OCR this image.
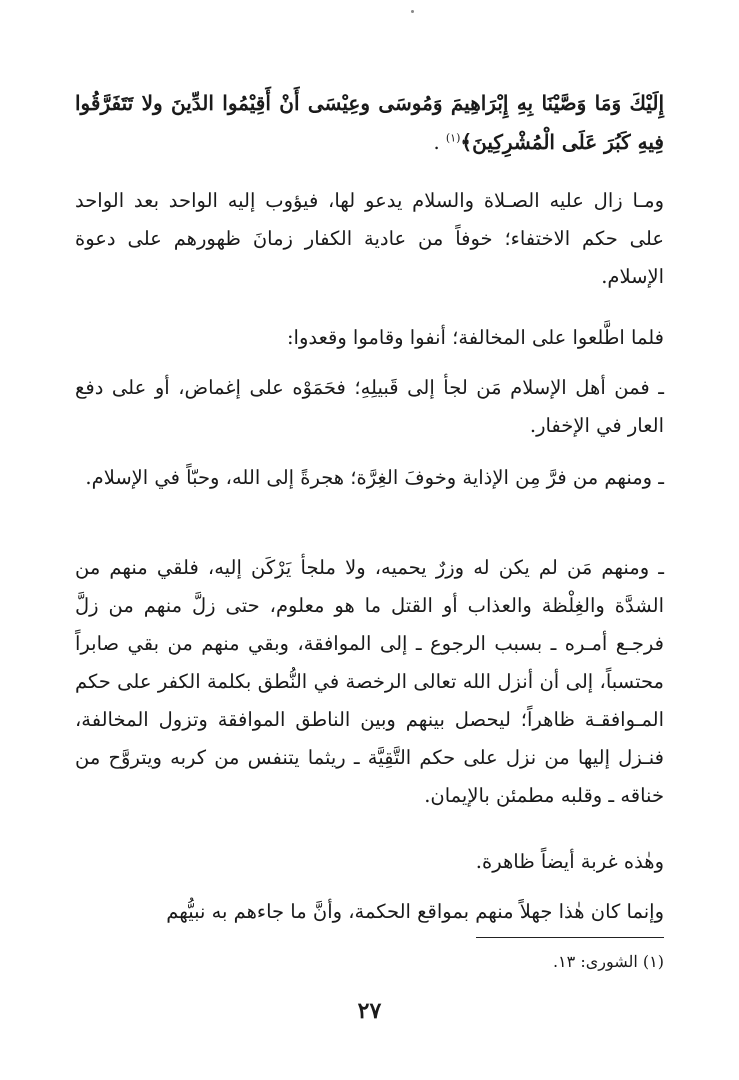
إِلَيْكَ وَمَا وَصَّيْنَا بِهِ إِبْرَاهِيمَ وَمُوسَى وعِيْسَى أَنْ أَقِيْمُوا الدِّينَ ولا تَتَفَرَّقُوا فِيهِ كَبُرَ عَلَى الْمُشْرِكِينَ﴾$^{(١)}$ .

ومـا زال عليه الصـلاة والسلام يدعو لها، فيؤوب إليه الواحد بعد الواحد على حكم الاختفاء؛ خوفاً من عادية الكفار زمانَ ظهورهم على دعوة الإسلام.

فلما اطَّلعوا على المخالفة؛ أنفوا وقاموا وقعدوا:

ـ فمن أهل الإسلام مَن لجأ إلى قَبيلِهِ؛ فحَمَوْه على إغماض، أو على دفع العار في الإخفار.

ـ ومنهم من فرَّ مِن الإذاية وخوفَ الغِرَّة؛ هجرةً إلى الله، وحبّاً في الإسلام.

ـ ومنهم مَن لم يكن له وزرٌ يحميه، ولا ملجأ يَرْكَن إليه، فلقي منهم من الشدَّة والغِلْظة والعذاب أو القتل ما هو معلوم، حتى زلَّ منهم من زلَّ فرجـع أمـره ـ بسبب الرجوع ـ إلى الموافقة، وبقي منهم من بقي صابراً محتسباً، إلى أن أنزل الله تعالى الرخصة في النُّطق بكلمة الكفر على حكم المـوافقـة ظاهراً؛ ليحصل بينهم وبين الناطق الموافقة وتزول المخالفة، فنـزل إليها من نزل على حكم التَّقِيَّة ـ ريثما يتنفس من كربه ويتروَّح من خناقه ـ وقلبه مطمئن بالإيمان.

وهٰذه غربة أيضاً ظاهرة.

وإنما كان هٰذا جهلاً منهم بمواقع الحكمة، وأنَّ ما جاءهم به نبيُّهم

(١) الشورى: ١٣.

٢٧
